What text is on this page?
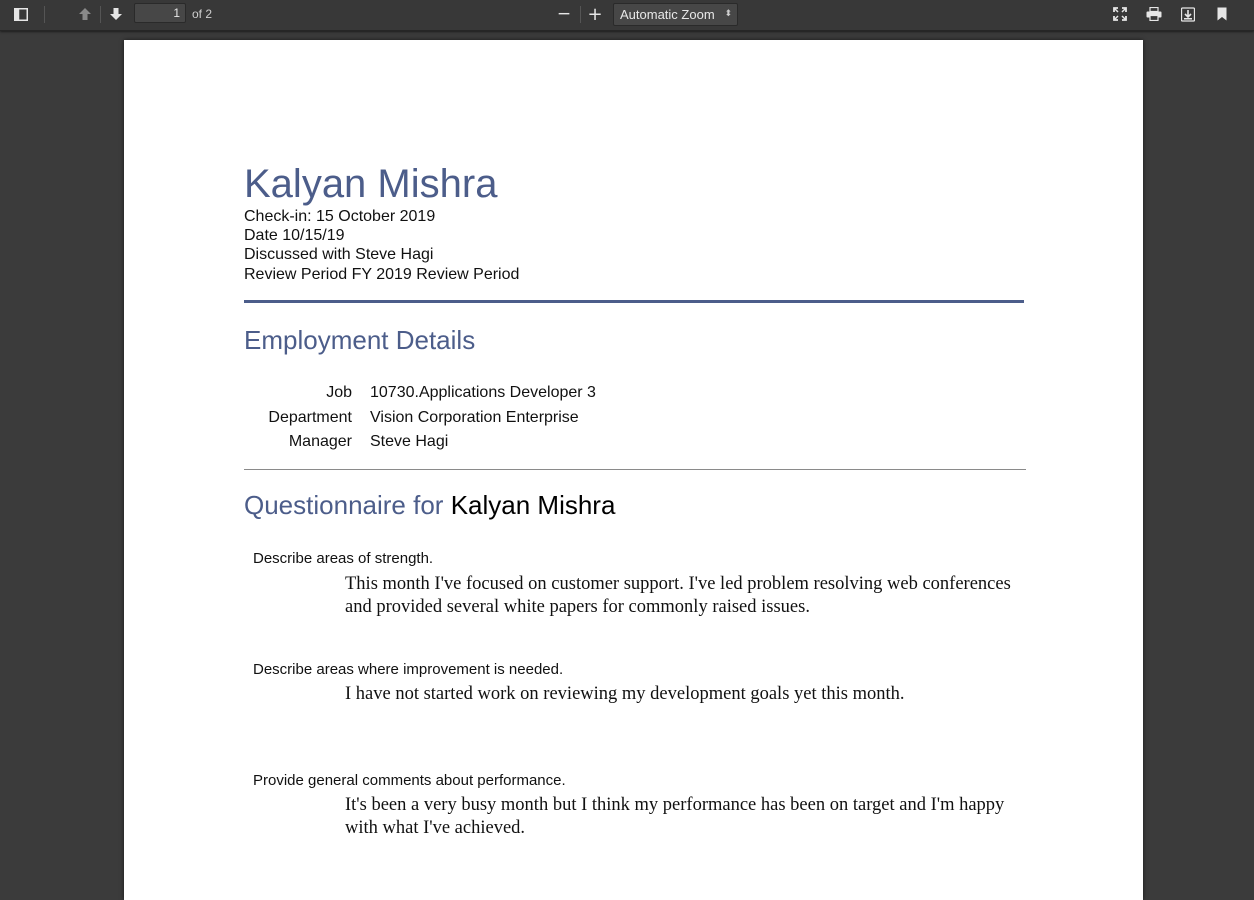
1	of 2	− +	Automatic Zoom ⬍
Kalyan Mishra
Check-in: 15 October 2019
Date 10/15/19
Discussed with Steve Hagi
Review Period FY 2019 Review Period
Employment Details
Job 10730.Applications Developer 3
Department Vision Corporation Enterprise
Manager Steve Hagi
Questionnaire for Kalyan Mishra
Describe areas of strength.
This month I've focused on customer support. I've led problem resolving web conferences and provided several white papers for commonly raised issues.
Describe areas where improvement is needed.
I have not started work on reviewing my development goals yet this month.
Provide general comments about performance.
It's been a very busy month but I think my performance has been on target and I'm happy with what I've achieved.
